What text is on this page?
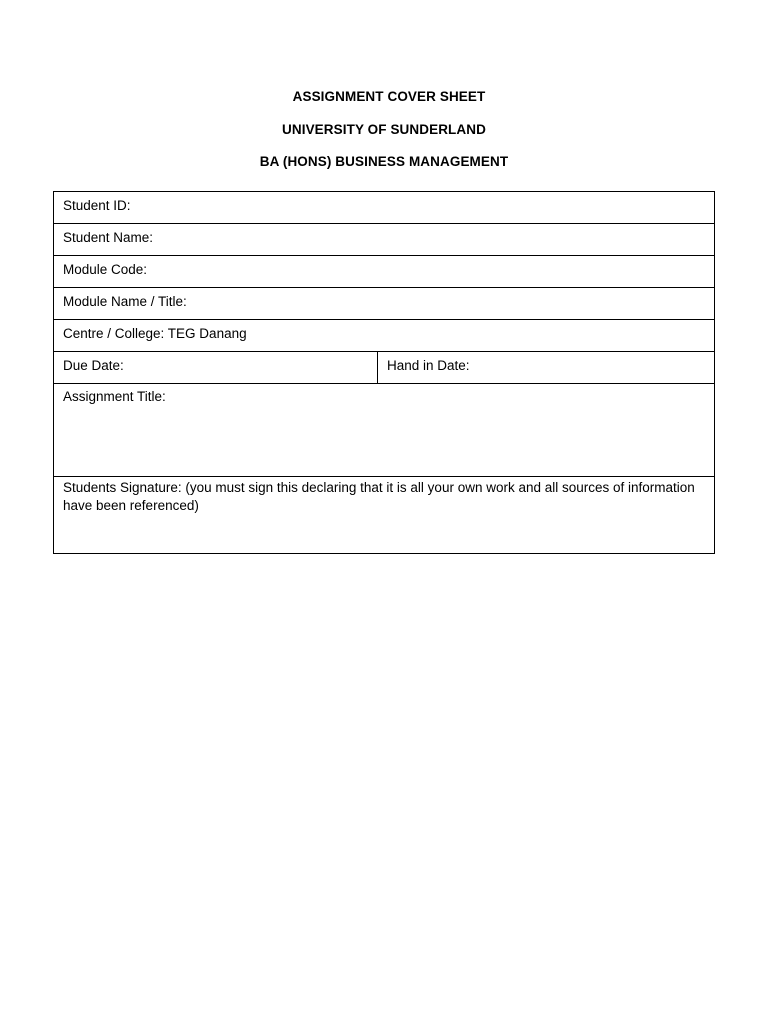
ASSIGNMENT COVER SHEET
UNIVERSITY OF SUNDERLAND
BA (HONS) BUSINESS MANAGEMENT
Student ID:
Student Name:
Module Code:
Module Name / Title:
Centre / College: TEG Danang
Due Date:	Hand in Date:
Assignment Title:
Students Signature: (you must sign this declaring that it is all your own work and all sources of information have been referenced)
